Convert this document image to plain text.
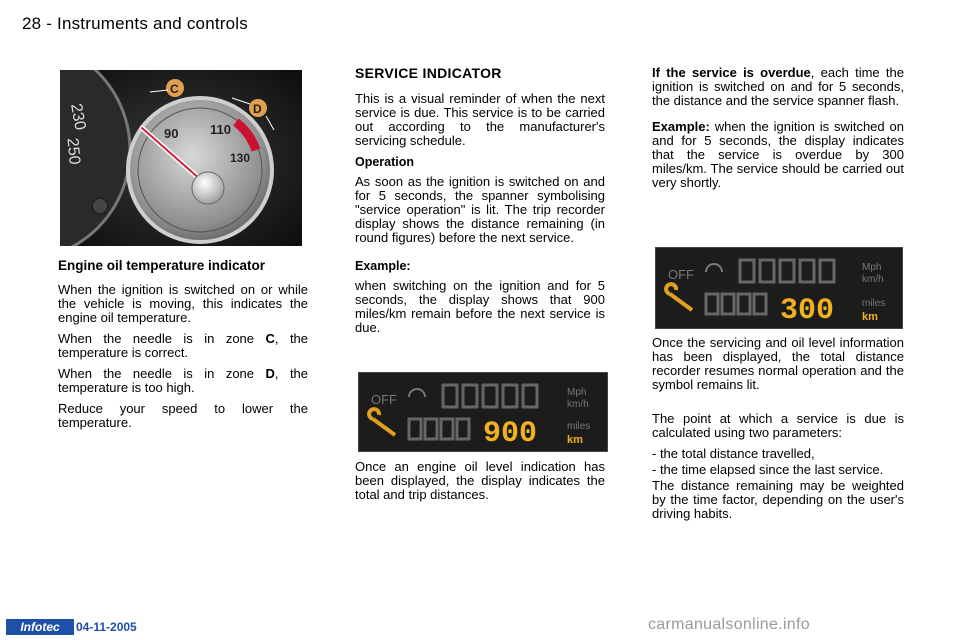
28 - Instruments and controls
230
250
90 110
130
C
D
Engine oil temperature indicator

When the ignition is switched on or while the vehicle is moving, this indicates the engine oil temperature.

When the needle is in zone C, the temperature is correct.

When the needle is in zone D, the temperature is too high.

Reduce your speed to lower the temperature.

SERVICE INDICATOR

This is a visual reminder of when the next service is due. This service is to be carried out according to the manufacturer's servicing schedule.

Operation

As soon as the ignition is switched on and for 5 seconds, the spanner symbolising "service operation" is lit. The trip recorder display shows the distance remaining (in round figures) before the next service.

Example:

when switching on the ignition and for 5 seconds, the display shows that 900 miles/km remain before the next service is due.

Once an engine oil level indication has been displayed, the display indicates the total and trip distances.

OFF	Mph
km/h
900	miles
km

If the service is overdue, each time the ignition is switched on and for 5 seconds, the distance and the service spanner flash.

Example: when the ignition is switched on and for 5 seconds, the display indicates that the service is overdue by 300 miles/km. The service should be carried out very shortly.

OFF	Mph
km/h
300	miles
km

Once the servicing and oil level information has been displayed, the total distance recorder resumes normal operation and the symbol remains lit.

The point at which a service is due is calculated using two parameters:

- the total distance travelled,
- the time elapsed since the last service.

The distance remaining may be weighted by the time factor, depending on the user's driving habits.

Infotec	04-11-2005	carmanualsonline.info
